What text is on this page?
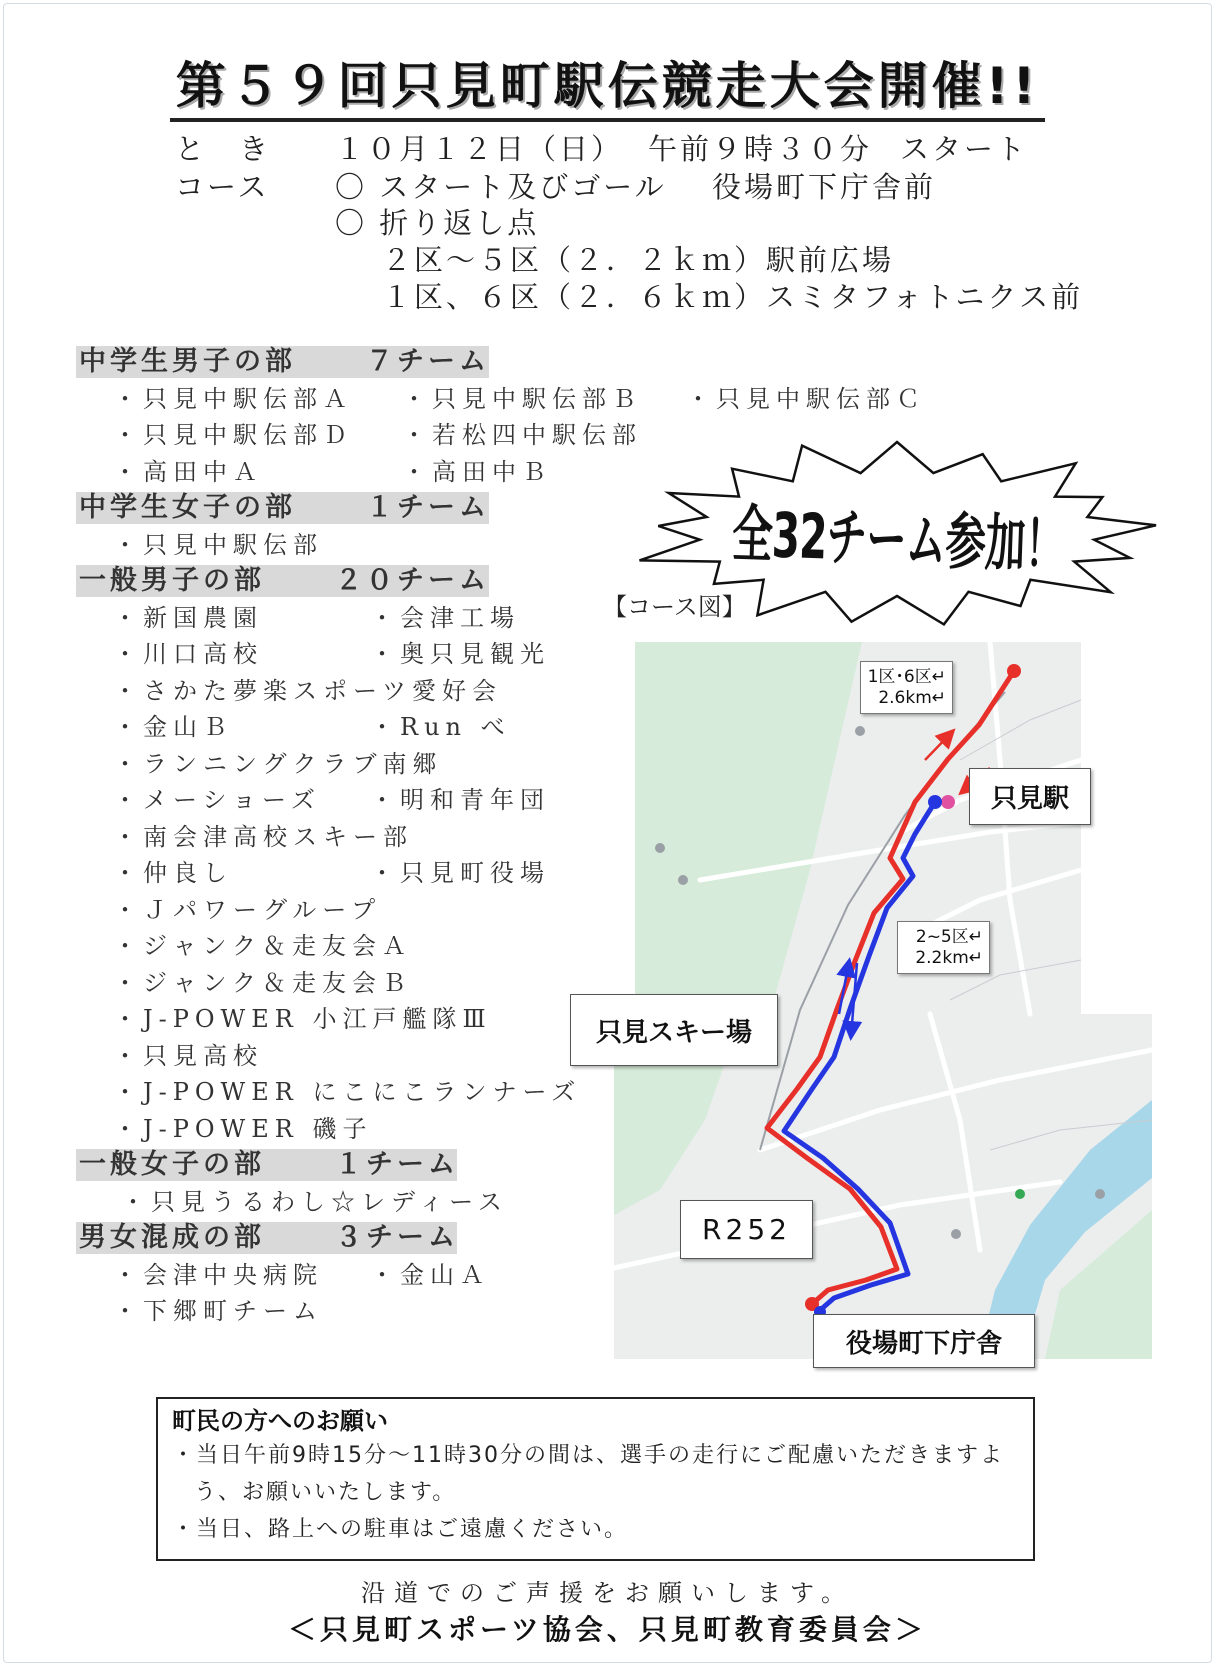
第５９回只見町駅伝競走大会開催!!
と　き １０月１２日（日） 午前９時３０分 スタート
コース 〇 スタート及びゴール 役場町下庁舎前
〇 折り返し点
２区～５区（２．２ｋｍ）駅前広場
１区、６区（２．６ｋｍ）スミタフォトニクス前
中学生男子の部	７チーム
・只見中駅伝部Ａ ・只見中駅伝部Ｂ ・只見中駅伝部Ｃ
・只見中駅伝部Ｄ ・若松四中駅伝部
・高田中Ａ	・高田中Ｂ
中学生女子の部	１チーム
・只見中駅伝部
一般男子の部	２０チーム
・新国農園	・会津工場
・川口高校	・奥只見観光
・さかた夢楽スポーツ愛好会
・金山Ｂ	・Run べ
・ランニングクラブ南郷
・メーショーズ ・明和青年団
・南会津高校スキー部
・仲良し	・只見町役場
・Ｊパワーグループ
・ジャンク＆走友会Ａ
・ジャンク＆走友会Ｂ
・J-POWER 小江戸艦隊Ⅲ
・只見高校
・J-POWER にこにこランナーズ
・J-POWER 磯子
一般女子の部	１チーム
・只見うるわし☆レディース
男女混成の部	３チーム
・会津中央病院 ・金山Ａ
・下郷町チーム
全32チーム参加！
【コース図】
1区･6区↵
2.6km↵
2~5区↵
2.2km↵
只見駅
只見スキー場
R252
役場町下庁舎
町民の方へのお願い
・当日午前9時15分～11時30分の間は、選手の走行にご配慮いただきますよう、お願いいたします。
・当日、路上への駐車はご遠慮ください。
沿道でのご声援をお願いします。
＜只見町スポーツ協会、只見町教育委員会＞
